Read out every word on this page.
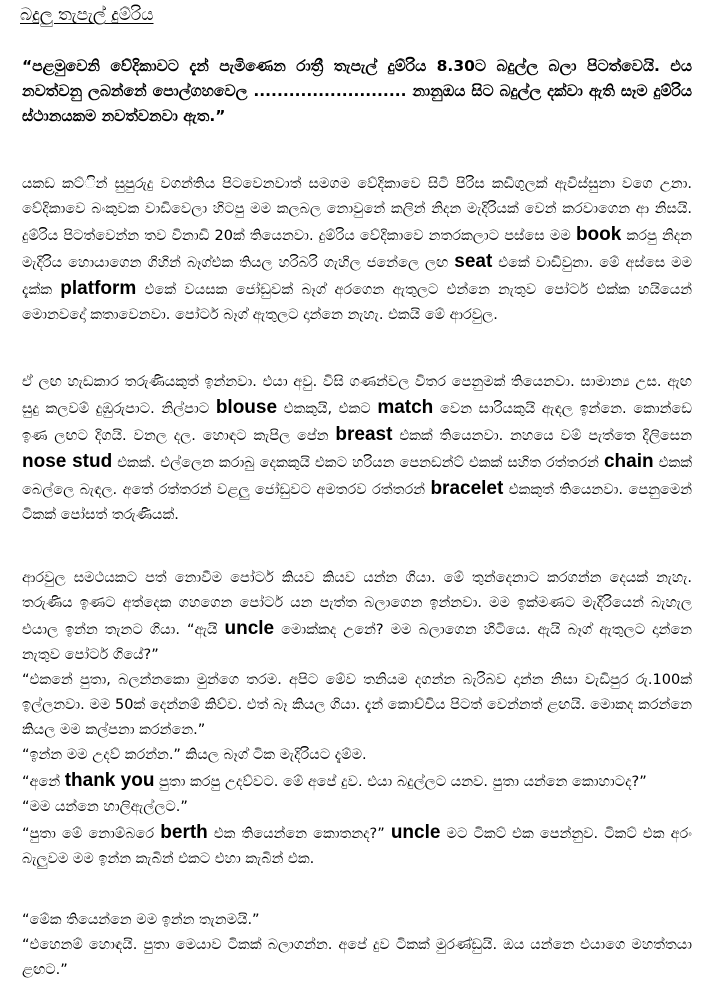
බදුලු තැපැල් දුම්රිය
“පළමුවෙනි වේදිකාවට දැන් පැමිණෙන රාත්‍රී තැපැල් දුම්රිය 8.30ට බදුල්ල බලා පිටත්වෙයි. එය නවත්වනු ලබන්නේ පොල්ගහවෙල .......................... නානුඔය සිට බදුල්ල දක්වා ඇති සෑම දුම්රිය ස්ථානයකම නවත්වනවා ඇත.”

යකඩ කට්ින් සුපුරුදු වගන්තිය පිටවෙනවාත් සමගම වේදිකාවෙ සිටි පිරිස කඩිගුලක් ඇවිස්සුනා වගෙ උනා. වේදිකාවෙ බංකුවක වාඩිවෙලා හිටපු මම කලබල නොවුනේ කලින් නිදන මැදිරියක් වෙන් කරවාගෙන ආ නිසයි. දුම්රිය පිටත්වෙන්න තව විනාඩි 20ක් තියෙනවා. දුම්රිය වේදිකාවෙ නතරකලාට පස්සෙ මම book කරපු නිදන මැදිරිය හොයාගෙන ගිහින් බෑග්එක තියල හරිබරි ගැහිල ජනේලෙ ලඟ seat එකේ වාඩිවුනා. මේ අස්සෙ මම දැක්ක platform එකේ වයසක ජෝඩුවක් බෑග් අරගෙන ඇතුලට එන්නෙ නැතුව පෝටර් එක්ක හයියෙන් මොනවදෝ කතාවෙනවා. පෝටර් බෑග් ඇතුලට දාන්නෙ නැහැ. එකයි මේ ආරවුල.

ඒ ලඟ හැඩකාර තරුණියකුත් ඉන්නවා. එයා අවු. විසි ගණන්වල විතර පෙනුමක් තියෙනවා. සාමාන්‍ය උස. ඇඟ සුදු කලවම් දුඹුරුපාට. නිල්පාට blouse එකකුයි, එකට match වෙන සාරියකුයි ඇඳල ඉන්නෙ. කොන්ඩෙ ඉණ ලඟට දිගයි. වනල දල. හොඳට කැපිල පේන breast එකක් තියෙනවා. නහයෙ වම් පැත්තෙ දිලිසෙන nose stud එකක්. එල්ලෙන කරාබු දෙකකුයි එකට හරියන පෙනඩන්ට් එකක් සහිත රත්තරන් chain එකක් බෙල්ලෙ බැඳල. අතේ රත්තරන් වළලු ජෝඩුවට අමතරව රත්තරන් bracelet එකකුත් තියෙනවා. පෙනුමෙන් ටිකක් පෝසත් තරුණියක්.

ආරවුල සමථයකට පත් නොවීම පෝටර් කියව කියව යන්න ගියා. මේ තුන්දෙනාට කරගන්න දෙයක් නැහැ. තරුණිය ඉණට අත්දෙක ගහගෙන පෝටර් යන පැත්ත බලාගෙන ඉන්නවා. මම ඉක්මණට මැදිරියෙන් බැහැල එයාල ඉන්න තැනට ගියා. “ඇයි uncle මොක්කද උනේ? මම බලාගෙන හිටියෙ. ඇයි බෑග් ඇතුලට දාන්නෙ නැතුව පෝටර් ගියේ?”

“එකනේ පුතා, බලන්නකො මුන්ගෙ තරම. අපිට මේව තනියම දගන්න බැරිබව දාන්න නිසා වැඩිපුර රු.100ක් ඉල්ලනවා. මම 50ක් දෙන්නම් කිව්ව. එත් බෑ කියල ගියා. දැන් කොච්චිය පිටත් වෙන්නත් ළඟයි. මොකද කරන්නෙ කියල මම කල්පනා කරන්නෙ.”

“ඉන්න මම උදව් කරන්න.” කියල බෑග් ටික මැදිරියට දැම්ම.

“අනේ thank you පුතා කරපු උදව්වට. මේ අපේ දුව. එයා බදුල්ලට යනව. පුතා යන්නෙ කොහාටද?”

“මම යන්නෙ හාලිඇල්ලට.”

“පුතා මේ නොම්බරෙ berth එක තියෙන්නෙ කොතනද?” uncle මට ටිකට් එක පෙන්නුව. ටිකට් එක අරං බැලුවම මම ඉන්න කැබින් එකට එහා කැබින් එක.

“මේක තියෙන්නෙ මම ඉන්න තැනමයි.”

“එහෙනම් හොඳයි. පුතා මෙයාව ටිකක් බලාගන්න. අපේ දුව ටිකක් මුරණ්ඩුයි. ඔය යන්නෙ එයාගෙ මහත්තයා ළඟට.”
